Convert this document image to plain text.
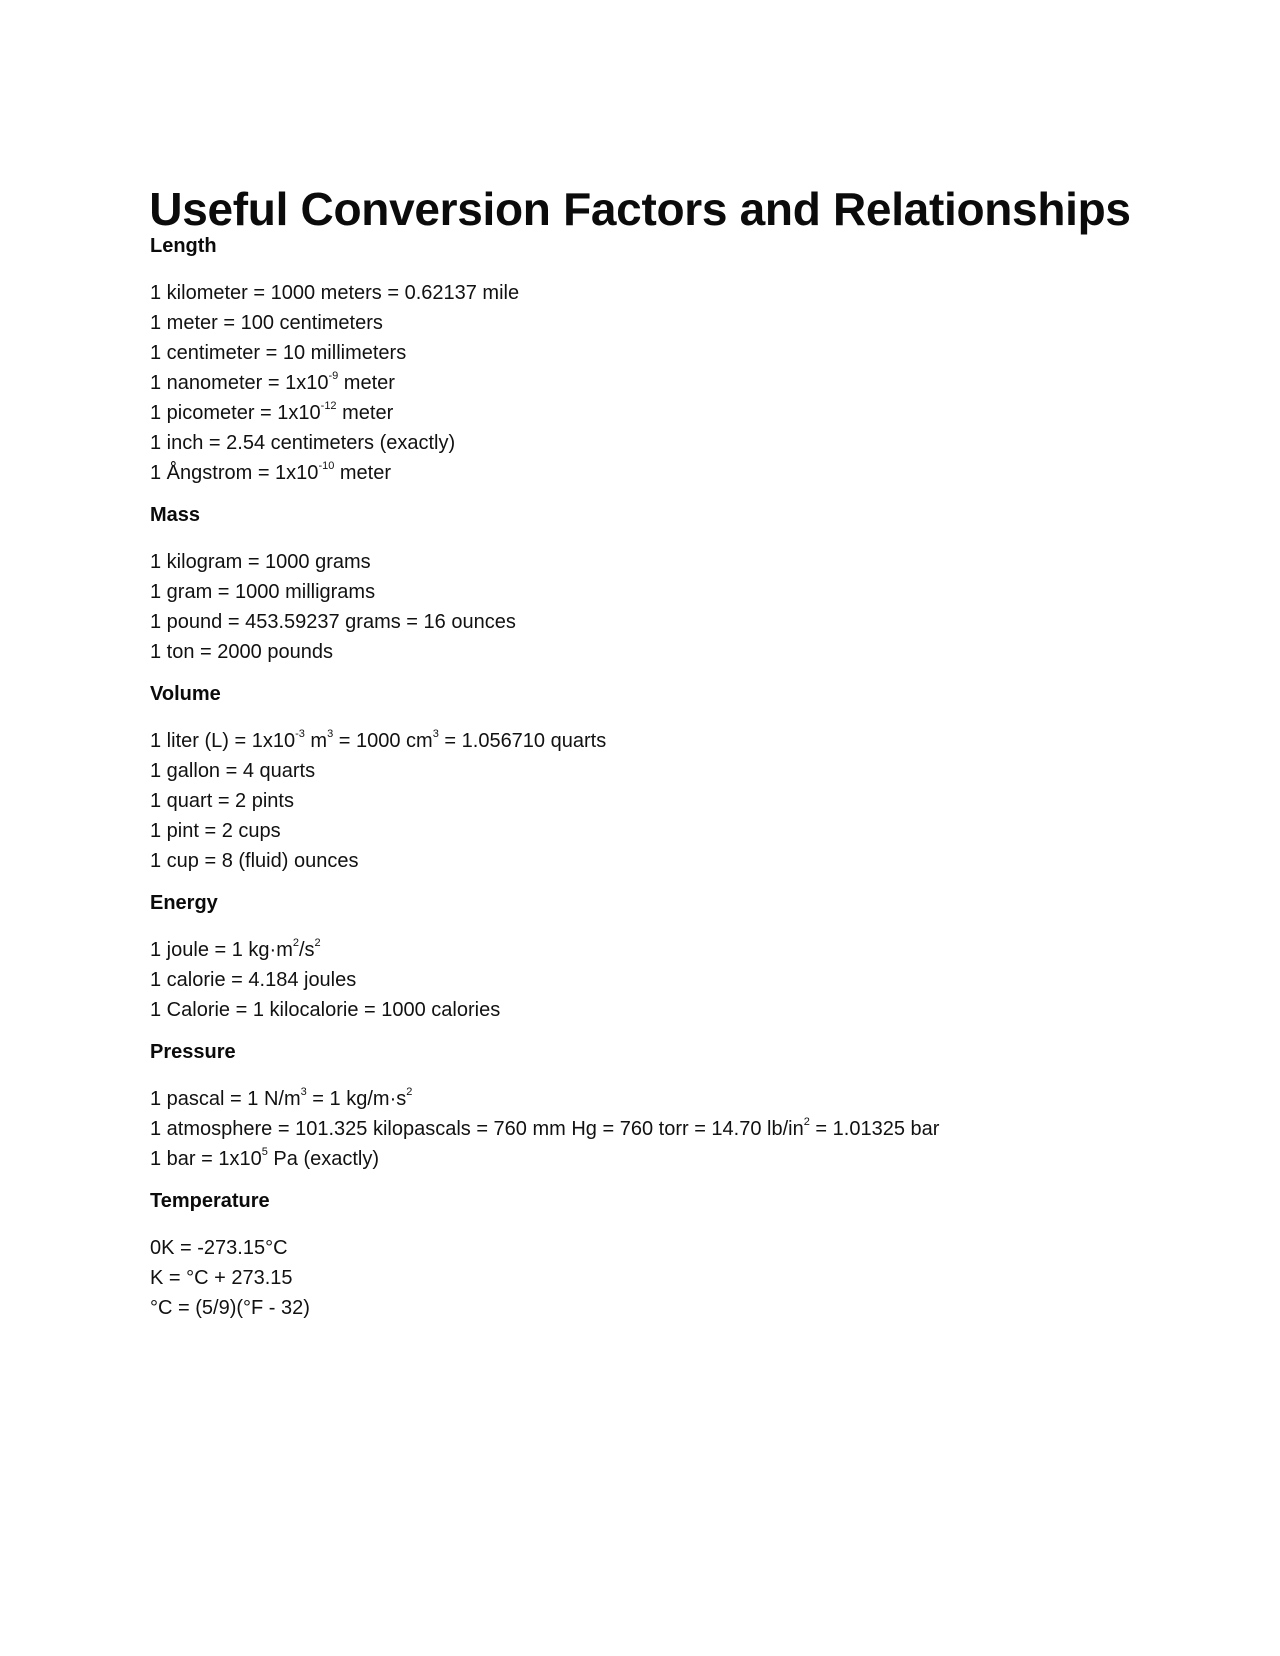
Useful Conversion Factors and Relationships
Length
1 kilometer = 1000 meters = 0.62137 mile
1 meter = 100 centimeters
1 centimeter = 10 millimeters
1 nanometer = $1x10^{-9}$ meter
1 picometer = $1x10^{-12}$ meter
1 inch = 2.54 centimeters (exactly)
1 Ångstrom = $1x10^{-10}$ meter
Mass
1 kilogram = 1000 grams
1 gram = 1000 milligrams
1 pound = 453.59237 grams = 16 ounces
1 ton = 2000 pounds
Volume
1 liter $(L) = 1x10^{-3}$ $m^3 = 1000$ $cm^3 = 1.056710$ quarts
1 gallon = 4 quarts
1 quart = 2 pints
1 pint = 2 cups
1 cup = 8 (fluid) ounces
Energy
1 joule = 1 $kg\cdot m^2/s^2$
1 calorie = 4.184 joules
1 Calorie = 1 kilocalorie = 1000 calories
Pressure
1 pascal = 1 $N/m^3 = 1$ $kg/m\cdot s^2$
1 atmosphere = 101.325 kilopascals = 760 mm Hg = 760 torr = 14.70 $lb/in^2 = 1.01325$ bar
1 bar = $1x10^5$ Pa (exactly)
Temperature
0K = -273.15°C
K = °C + 273.15
°C = (5/9)(°F - 32)
